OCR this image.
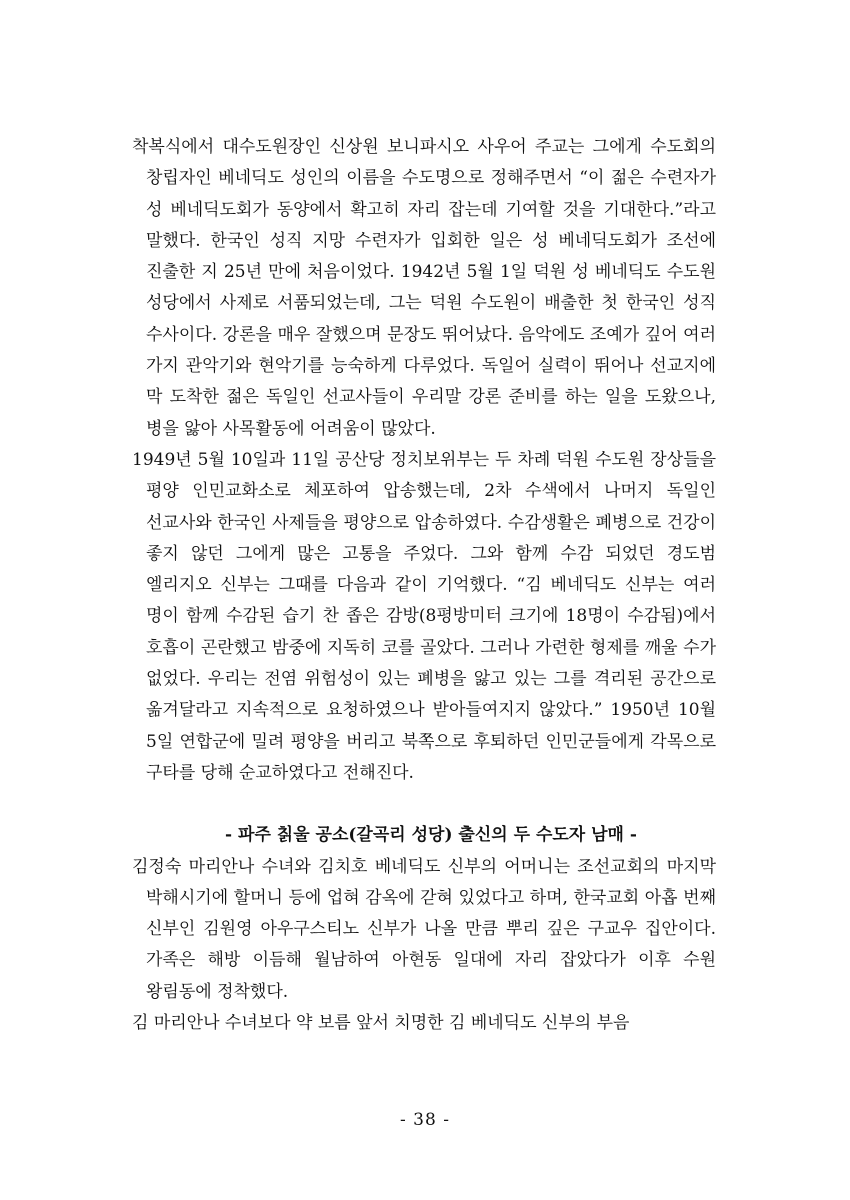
착복식에서 대수도원장인 신상원 보니파시오 사우어 주교는 그에게 수도회의 창립자인 베네딕도 성인의 이름을 수도명으로 정해주면서 “이 젊은 수련자가 성 베네딕도회가 동양에서 확고히 자리 잡는데 기여할 것을 기대한다.”라고 말했다. 한국인 성직 지망 수련자가 입회한 일은 성 베네딕도회가 조선에 진출한 지 25년 만에 처음이었다. 1942년 5월 1일 덕원 성 베네딕도 수도원 성당에서 사제로 서품되었는데, 그는 덕원 수도원이 배출한 첫 한국인 성직 수사이다. 강론을 매우 잘했으며 문장도 뛰어났다. 음악에도 조예가 깊어 여러 가지 관악기와 현악기를 능숙하게 다루었다. 독일어 실력이 뛰어나 선교지에 막 도착한 젊은 독일인 선교사들이 우리말 강론 준비를 하는 일을 도왔으나, 병을 앓아 사목활동에 어려움이 많았다.

1949년 5월 10일과 11일 공산당 정치보위부는 두 차례 덕원 수도원 장상들을 평양 인민교화소로 체포하여 압송했는데, 2차 수색에서 나머지 독일인 선교사와 한국인 사제들을 평양으로 압송하였다. 수감생활은 폐병으로 건강이 좋지 않던 그에게 많은 고통을 주었다. 그와 함께 수감 되었던 경도범 엘리지오 신부는 그때를 다음과 같이 기억했다. “김 베네딕도 신부는 여러 명이 함께 수감된 습기 찬 좁은 감방(8평방미터 크기에 18명이 수감됨)에서 호흡이 곤란했고 밤중에 지독히 코를 골았다. 그러나 가련한 형제를 깨울 수가 없었다. 우리는 전염 위험성이 있는 폐병을 앓고 있는 그를 격리된 공간으로 옮겨달라고 지속적으로 요청하였으나 받아들여지지 않았다.” 1950년 10월 5일 연합군에 밀려 평양을 버리고 북쪽으로 후퇴하던 인민군들에게 각목으로 구타를 당해 순교하였다고 전해진다.

- 파주 칡울 공소(갈곡리 성당) 출신의 두 수도자 남매 -

김정숙 마리안나 수녀와 김치호 베네딕도 신부의 어머니는 조선교회의 마지막 박해시기에 할머니 등에 업혀 감옥에 갇혀 있었다고 하며, 한국교회 아홉 번째 신부인 김원영 아우구스티노 신부가 나올 만큼 뿌리 깊은 구교우 집안이다. 가족은 해방 이듬해 월남하여 아현동 일대에 자리 잡았다가 이후 수원 왕림동에 정착했다.

김 마리안나 수녀보다 약 보름 앞서 치명한 김 베네딕도 신부의 부음

- 38 -
